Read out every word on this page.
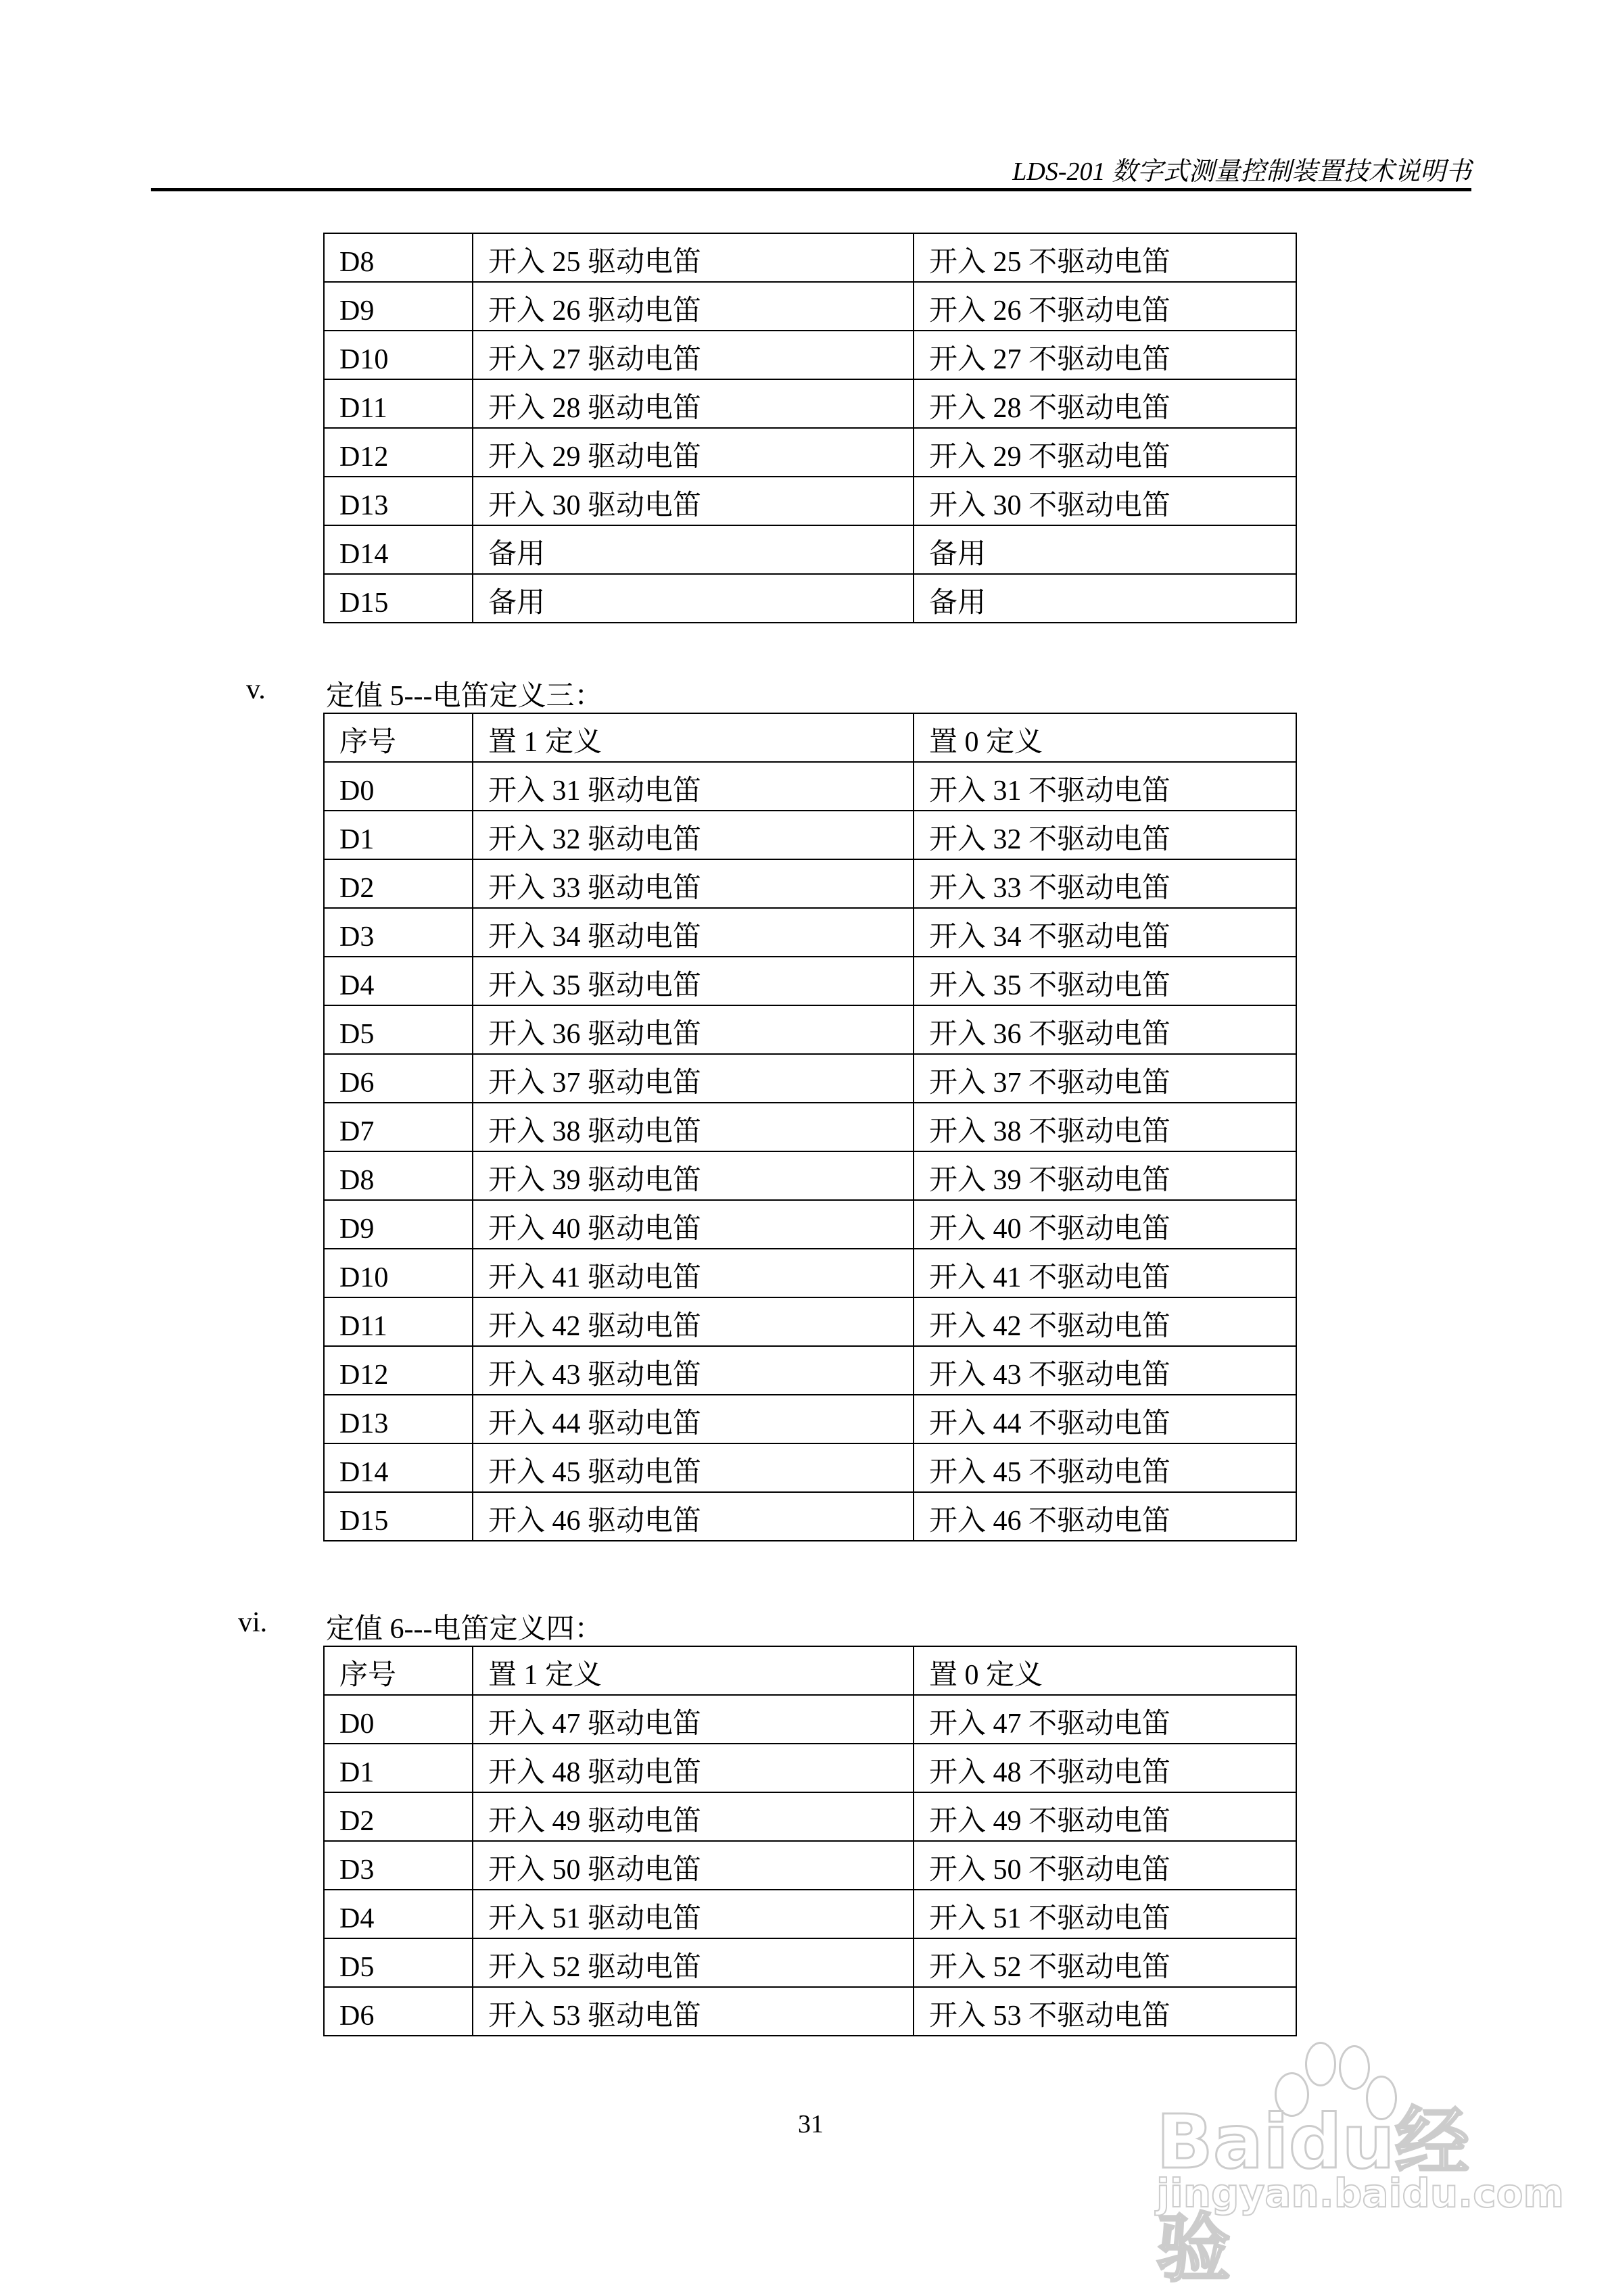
LDS-201 数字式测量控制装置技术说明书
D8	开入 25 驱动电笛	开入 25 不驱动电笛
D9	开入 26 驱动电笛	开入 26 不驱动电笛
D10	开入 27 驱动电笛	开入 27 不驱动电笛
D11	开入 28 驱动电笛	开入 28 不驱动电笛
D12	开入 29 驱动电笛	开入 29 不驱动电笛
D13	开入 30 驱动电笛	开入 30 不驱动电笛
D14	备用	备用
D15	备用	备用
v. 定值 5---电笛定义三：
序号	置 1 定义	置 0 定义
D0	开入 31 驱动电笛	开入 31 不驱动电笛
D1	开入 32 驱动电笛	开入 32 不驱动电笛
D2	开入 33 驱动电笛	开入 33 不驱动电笛
D3	开入 34 驱动电笛	开入 34 不驱动电笛
D4	开入 35 驱动电笛	开入 35 不驱动电笛
D5	开入 36 驱动电笛	开入 36 不驱动电笛
D6	开入 37 驱动电笛	开入 37 不驱动电笛
D7	开入 38 驱动电笛	开入 38 不驱动电笛
D8	开入 39 驱动电笛	开入 39 不驱动电笛
D9	开入 40 驱动电笛	开入 40 不驱动电笛
D10	开入 41 驱动电笛	开入 41 不驱动电笛
D11	开入 42 驱动电笛	开入 42 不驱动电笛
D12	开入 43 驱动电笛	开入 43 不驱动电笛
D13	开入 44 驱动电笛	开入 44 不驱动电笛
D14	开入 45 驱动电笛	开入 45 不驱动电笛
D15	开入 46 驱动电笛	开入 46 不驱动电笛
vi. 定值 6---电笛定义四：
序号	置 1 定义	置 0 定义
D0	开入 47 驱动电笛	开入 47 不驱动电笛
D1	开入 48 驱动电笛	开入 48 不驱动电笛
D2	开入 49 驱动电笛	开入 49 不驱动电笛
D3	开入 50 驱动电笛	开入 50 不驱动电笛
D4	开入 51 驱动电笛	开入 51 不驱动电笛
D5	开入 52 驱动电笛	开入 52 不驱动电笛
D6	开入 53 驱动电笛	开入 53 不驱动电笛
31	Baidu经验
jingyan.baidu.com
